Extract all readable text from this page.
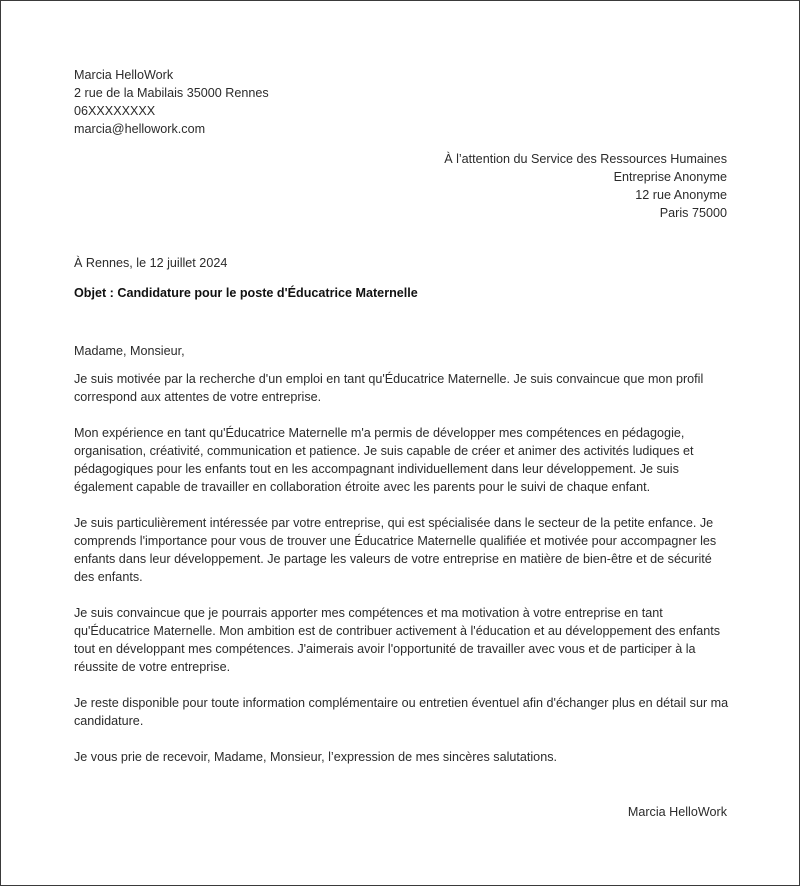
Marcia HelloWork
2 rue de la Mabilais 35000 Rennes
06XXXXXXXX
marcia@hellowork.com
À l’attention du Service des Ressources Humaines
Entreprise Anonyme
12 rue Anonyme
Paris 75000
À Rennes, le 12 juillet 2024
Objet : Candidature pour le poste d'Éducatrice Maternelle

Madame, Monsieur,

Je suis motivée par la recherche d'un emploi en tant qu'Éducatrice Maternelle. Je suis convaincue que mon profil correspond aux attentes de votre entreprise.

Mon expérience en tant qu'Éducatrice Maternelle m'a permis de développer mes compétences en pédagogie, organisation, créativité, communication et patience. Je suis capable de créer et animer des activités ludiques et pédagogiques pour les enfants tout en les accompagnant individuellement dans leur développement. Je suis également capable de travailler en collaboration étroite avec les parents pour le suivi de chaque enfant.

Je suis particulièrement intéressée par votre entreprise, qui est spécialisée dans le secteur de la petite enfance. Je comprends l'importance pour vous de trouver une Éducatrice Maternelle qualifiée et motivée pour accompagner les enfants dans leur développement. Je partage les valeurs de votre entreprise en matière de bien-être et de sécurité des enfants.

Je suis convaincue que je pourrais apporter mes compétences et ma motivation à votre entreprise en tant qu'Éducatrice Maternelle. Mon ambition est de contribuer activement à l'éducation et au développement des enfants tout en développant mes compétences. J'aimerais avoir l'opportunité de travailler avec vous et de participer à la réussite de votre entreprise.

Je reste disponible pour toute information complémentaire ou entretien éventuel afin d'échanger plus en détail sur ma candidature.

Je vous prie de recevoir, Madame, Monsieur, l’expression de mes sincères salutations.

Marcia HelloWork
